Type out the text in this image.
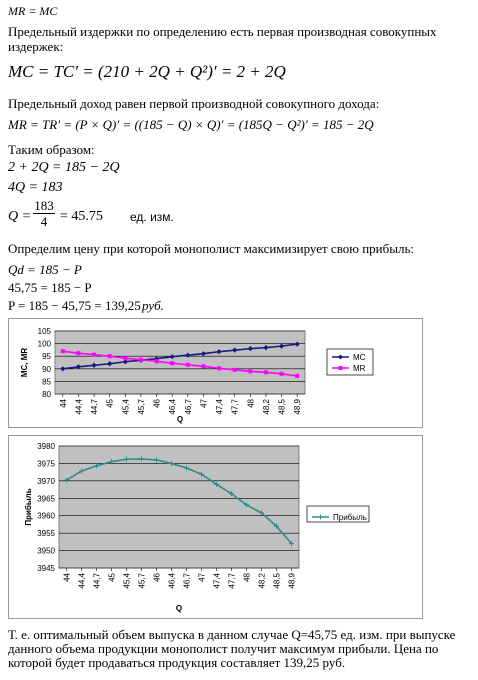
MR = MC
Предельный издержки по определению есть первая производная совокупных издержек:
MC = TC′ = (210 + 2Q + Q²)′ = 2 + 2Q
Предельный доход равен первой производной совокупного дохода:
MR = TR′ = (P × Q)′ = ((185 − Q) × Q)′ = (185Q − Q²)′ = 185 − 2Q
Таким образом:
2 + 2Q = 185 − 2Q
4Q = 183
$Q = \frac{183}{4} = 45.75$ ед. изм.
Определим цену при которой монополист максимизирует свою прибыль:
Qd = 185 − P
45,75 = 185 − P
P = 185 − 45,75 = 139,25 руб.
80
85
90
95
100
105
44 44,4 44,7 45 45,4 45,7 46 46,4 46,7 47 47,4 47,7 48 48,2 48,5 48,9
Q
MC, MR	MC
MR
3945
3950
3955
3960
3965
3970
3975
3980
44 44,4 44,7 45 45,4 45,7 46 46,4 46,7 47 47,4 47,7 48 48,2 48,5 48,9
Q
Прибыль	Прибыль
Т. е. оптимальный объем выпуска в данном случае Q=45,75 ед. изм. при выпуске данного объема продукции монополист получит максимум прибыли. Цена по которой будет продаваться продукция составляет 139,25 руб.
